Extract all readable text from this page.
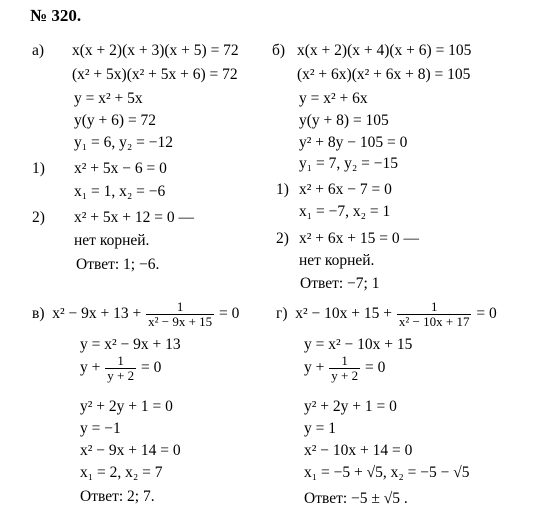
№ 320.
а) x(x + 2)(x + 3)(x + 5) = 72
(x² + 5x)(x² + 5x + 6) = 72
y = x² + 5x
y(y + 6) = 72
y₁ = 6, y₂ = −12
1) x² + 5x − 6 = 0
x₁ = 1, x₂ = −6
2) x² + 5x + 12 = 0 —
нет корней.
Ответ: 1; −6.
б) x(x + 2)(x + 4)(x + 6) = 105
(x² + 6x)(x² + 6x + 8) = 105
y = x² + 6x
y(y + 8) = 105
y² + 8y − 105 = 0
y₁ = 7, y₂ = −15
1) x² + 6x − 7 = 0
x₁ = −7, x₂ = 1
2) x² + 6x + 15 = 0 —
нет корней.
Ответ: −7; 1
в) $x^2 - 9x + 13 + \frac{1}{\text{x² − 9x + 15}} = 0$
y = x² − 9x + 13
$y + \frac{1}{y + 2} = 0$
y² + 2y + 1 = 0
y = −1
x² − 9x + 14 = 0
x₁ = 2, x₂ = 7
Ответ: 2; 7.
г) $x^2 - 10x + 15 + \frac{1}{\text{x² − 10x + 17}} = 0$
y = x² − 10x + 15
$y + \frac{1}{y + 2} = 0$
y² + 2y + 1 = 0
y = 1
x² − 10x + 14 = 0
x₁ = −5 + √5, x₂ = −5 − √5
Ответ: −5 ± √5 .
